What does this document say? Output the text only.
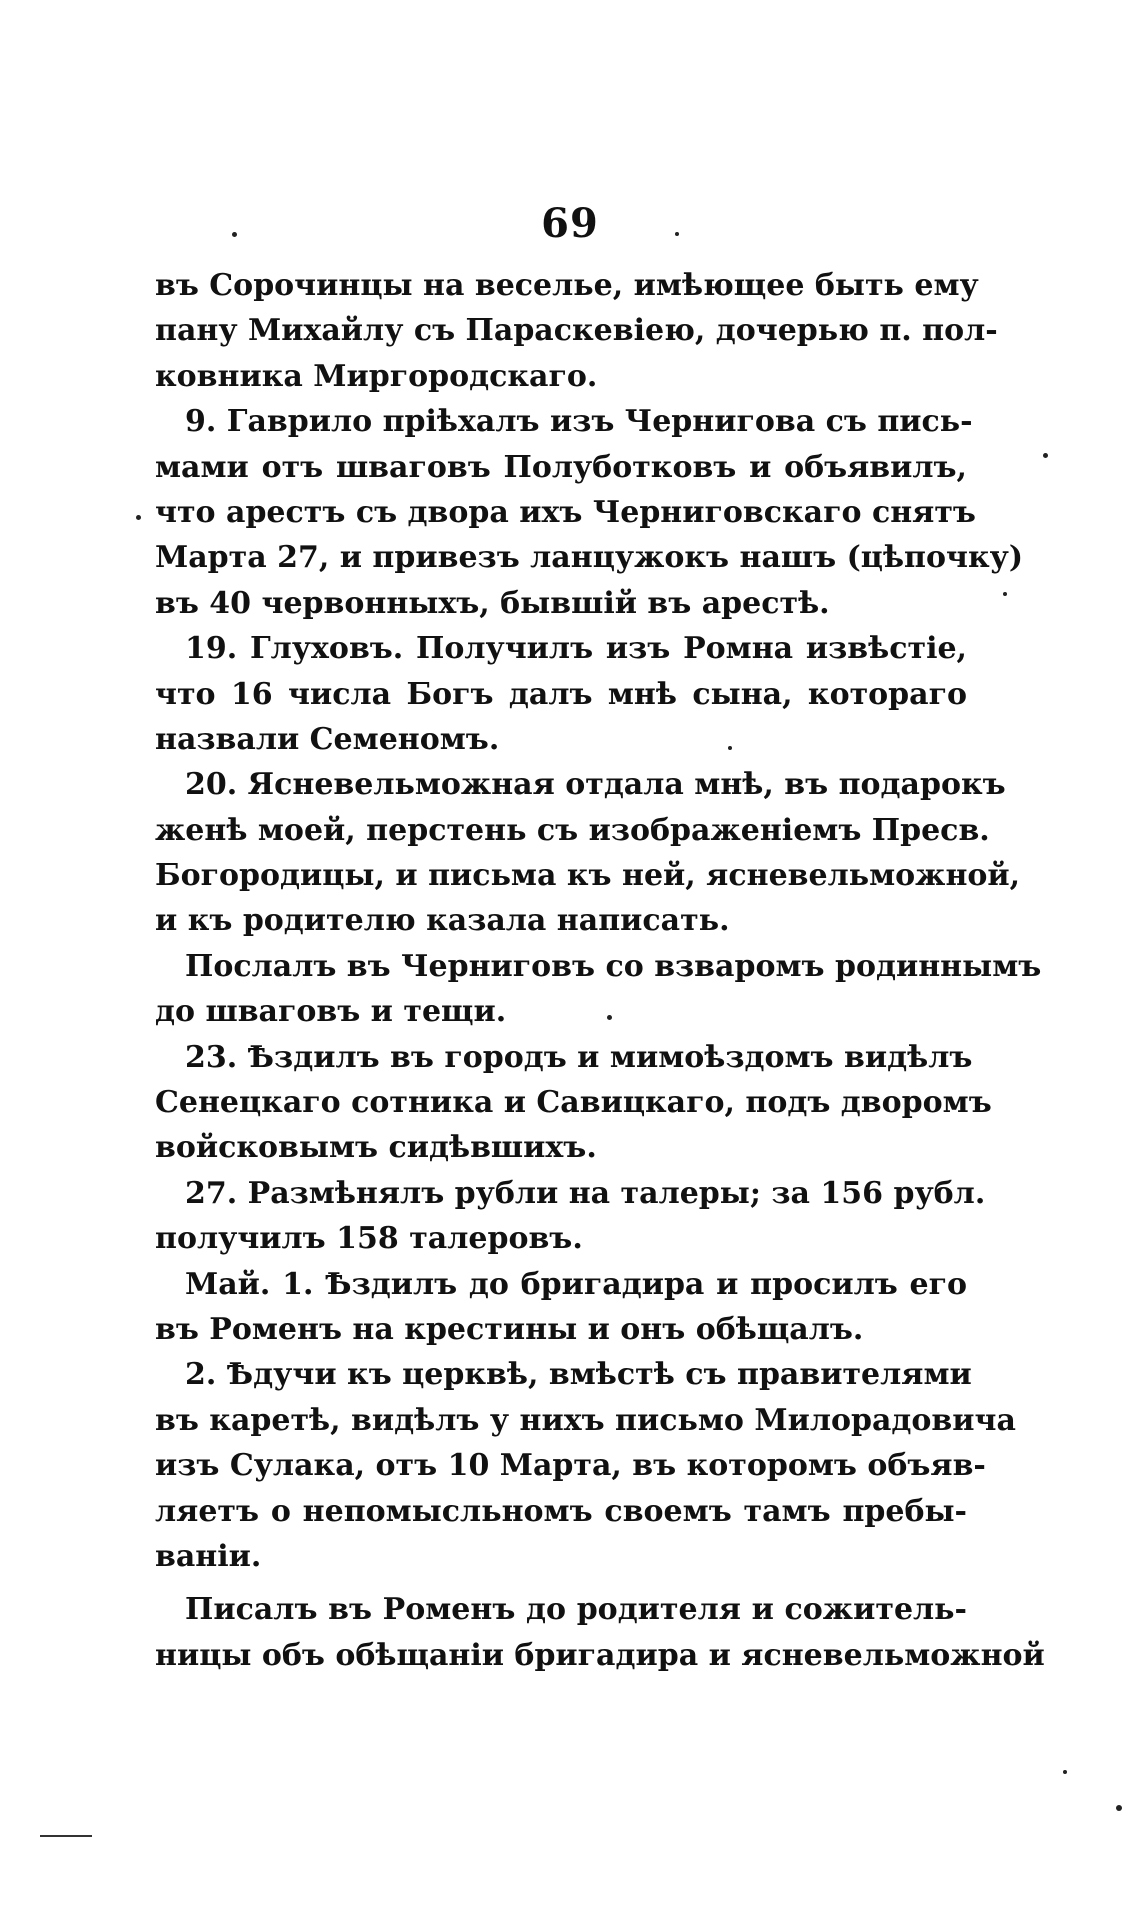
69
въ Сорочинцы на веселье, имѣющее быть ему
пану Михайлу съ Параскевіею, дочерью п. пол-
ковника Миргородскаго.
9. Гаврило пріѣхалъ изъ Чернигова съ пись-
мами отъ шваговъ Полуботковъ и объявилъ,
что арестъ съ двора ихъ Черниговскаго снятъ
Марта 27, и привезъ ланцужокъ нашъ (цѣпочку)
въ 40 червонныхъ, бывшій въ арестѣ.
19. Глуховъ. Получилъ изъ Ромна извѣстіе,
что 16 числа Богъ далъ мнѣ сына, котораго
назвали Семеномъ.
20. Ясневельможная отдала мнѣ, въ подарокъ
женѣ моей, перстень съ изображеніемъ Пресв.
Богородицы, и письма къ ней, ясневельможной,
и къ родителю казала написать.
Послалъ въ Черниговъ со взваромъ родиннымъ
до шваговъ и тещи.
23. Ѣздилъ въ городъ и мимоѣздомъ видѣлъ
Сенецкаго сотника и Савицкаго, подъ дворомъ
войсковымъ сидѣвшихъ.
27. Размѣнялъ рубли на талеры; за 156 рубл.
получилъ 158 талеровъ.
Май. 1. Ѣздилъ до бригадира и просилъ его
въ Роменъ на крестины и онъ обѣщалъ.
2. Ѣдучи къ церквѣ, вмѣстѣ съ правителями
въ каретѣ, видѣлъ у нихъ письмо Милорадовича
изъ Сулака, отъ 10 Марта, въ которомъ объяв-
ляетъ о непомысльномъ своемъ тамъ пребы-
ваніи.
Писалъ въ Роменъ до родителя и сожитель-
ницы объ обѣщаніи бригадира и ясневельможной
